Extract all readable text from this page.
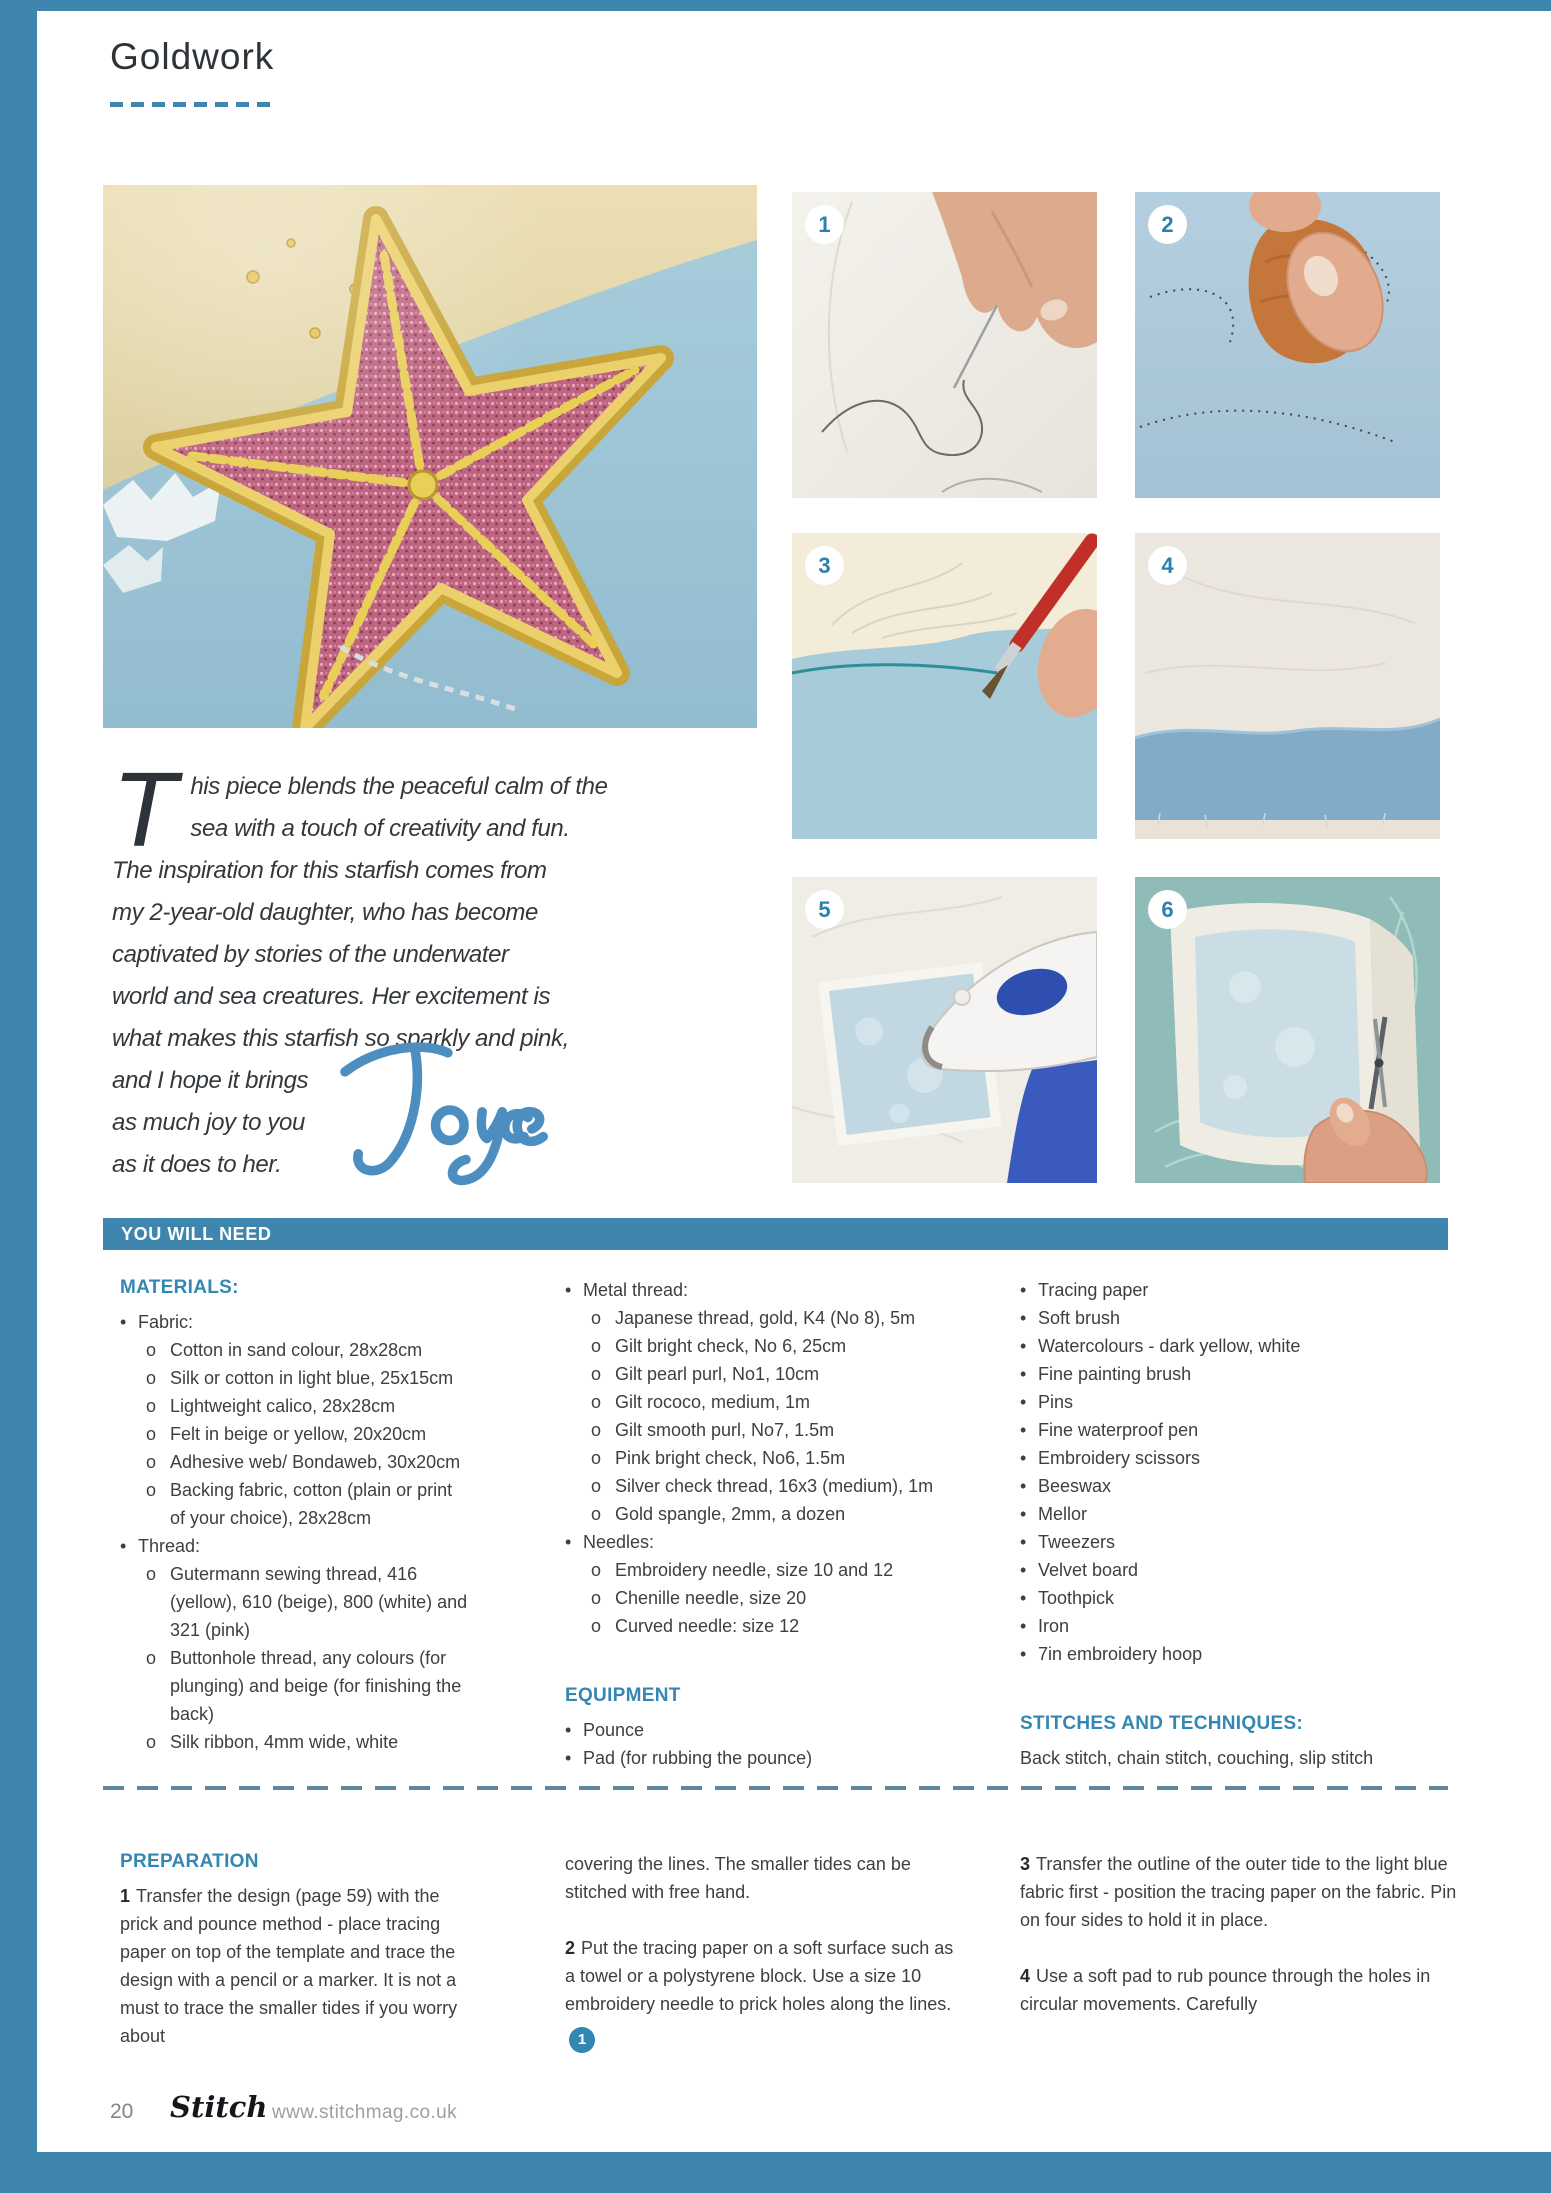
Goldwork
1	2
3	4
5	6
T his piece blends the peaceful calm of the
sea with a touch of creativity and fun.
The inspiration for this starfish comes from
my 2-year-old daughter, who has become
captivated by stories of the underwater
world and sea creatures. Her excitement is
what makes this starfish so sparkly and pink,
and I hope it brings
as much joy to you
as it does to her.
YOU WILL NEED
MATERIALS:
• Fabric:
o Cotton in sand colour, 28x28cm
o Silk or cotton in light blue, 25x15cm
o Lightweight calico, 28x28cm
o Felt in beige or yellow, 20x20cm
o Adhesive web/ Bondaweb, 30x20cm
o Backing fabric, cotton (plain or print of your choice), 28x28cm
• Thread:
o Gutermann sewing thread, 416 (yellow), 610 (beige), 800 (white) and 321 (pink)
o Buttonhole thread, any colours (for plunging) and beige (for finishing the back)
o Silk ribbon, 4mm wide, white
• Metal thread:
o Japanese thread, gold, K4 (No 8), 5m
o Gilt bright check, No 6, 25cm
o Gilt pearl purl, No1, 10cm
o Gilt rococo, medium, 1m
o Gilt smooth purl, No7, 1.5m
o Pink bright check, No6, 1.5m
o Silver check thread, 16x3 (medium), 1m
o Gold spangle, 2mm, a dozen
• Needles:
o Embroidery needle, size 10 and 12
o Chenille needle, size 20
o Curved needle: size 12
EQUIPMENT
• Pounce
• Pad (for rubbing the pounce)
• Tracing paper
• Soft brush
• Watercolours - dark yellow, white
• Fine painting brush
• Pins
• Fine waterproof pen
• Embroidery scissors
• Beeswax
• Mellor
• Tweezers
• Velvet board
• Toothpick
• Iron
• 7in embroidery hoop
STITCHES AND TECHNIQUES:
Back stitch, chain stitch, couching, slip stitch
PREPARATION

1 Transfer the design (page 59) with the prick and pounce method - place tracing paper on top of the template and trace the design with a pencil or a marker. It is not a must to trace the smaller tides if you worry about

covering the lines. The smaller tides can be stitched with free hand.

2 Put the tracing paper on a soft surface such as a towel or a polystyrene block. Use a size 10 embroidery needle to prick holes along the lines. 1

3 Transfer the outline of the outer tide to the light blue fabric first - position the tracing paper on the fabric. Pin on four sides to hold it in place.

4 Use a soft pad to rub pounce through the holes in circular movements. Carefully

20 Stitch www.stitchmag.co.uk
